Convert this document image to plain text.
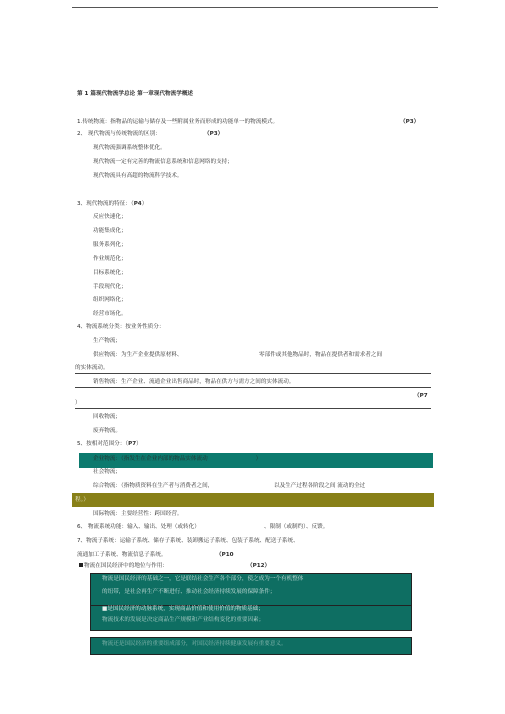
第 1 篇现代物流学总论 第一章现代物流学概述
1.传统物流：指物品的运输与储存及一些附属业务而形成的功能单一的物流模式。	（P3）
2、 现代物流与传统物流的区别：	（P3）
现代物流强调系统整体优化。
现代物流一定有完善的物流信息系统和信息网络的支持；
现代物流具有高超的物流科学技术。
3、现代物流的特征：（P4）
反应快速化；
功能集成化；
服务系列化；
作业规范化；
目标系统化；
手段现代化；
组织网络化；
经营市场化。
4、物流系统分类：按业务性质分：
生产物流；
供应物流：为生产企业提供原材料、	零部件或其他物品时，物品在提供者和需求者之间
的实体流动。
销售物流：生产企业、流通企业出售商品时，物品在供方与需方之间的实体流动。
（P7
）
回收物流；
废弃物流。
5、按相对范围分：（P7）
企业物流：（指发生在企业内部的物品实体流动	）
社会物流；
综合物流：（指物质资料在生产者与消费者之间，	以及生产过程各阶段之间 流动的全过
程。）
国际物流：主要经营性：跨国经营。
6、 物流系统功能：输入、输出、处理（或转化）	、限制（或制约）、反馈。
7、物流子系统：运输子系统、储存子系统、装卸搬运子系统、包装子系统、配送子系统、
流通加工子系统、物流信息子系统。	（P10
物流在国民经济中的地位与作用：	（P12）
物流是国民经济的基础之一，它是联结社会生产各个部分，使之成为一个有机整体
的纽带，是社会再生产不断进行、推动社会经济持续发展的保障条件；
■是国民经济的动脉系统，实现商品价值和使用价值的物质基础；
物流技术的发展是决定商品生产规模和产业结构变化的重要因素；
物流还是国民经济的重要组成部分，对国民经济持续健康发展有重要意义。
